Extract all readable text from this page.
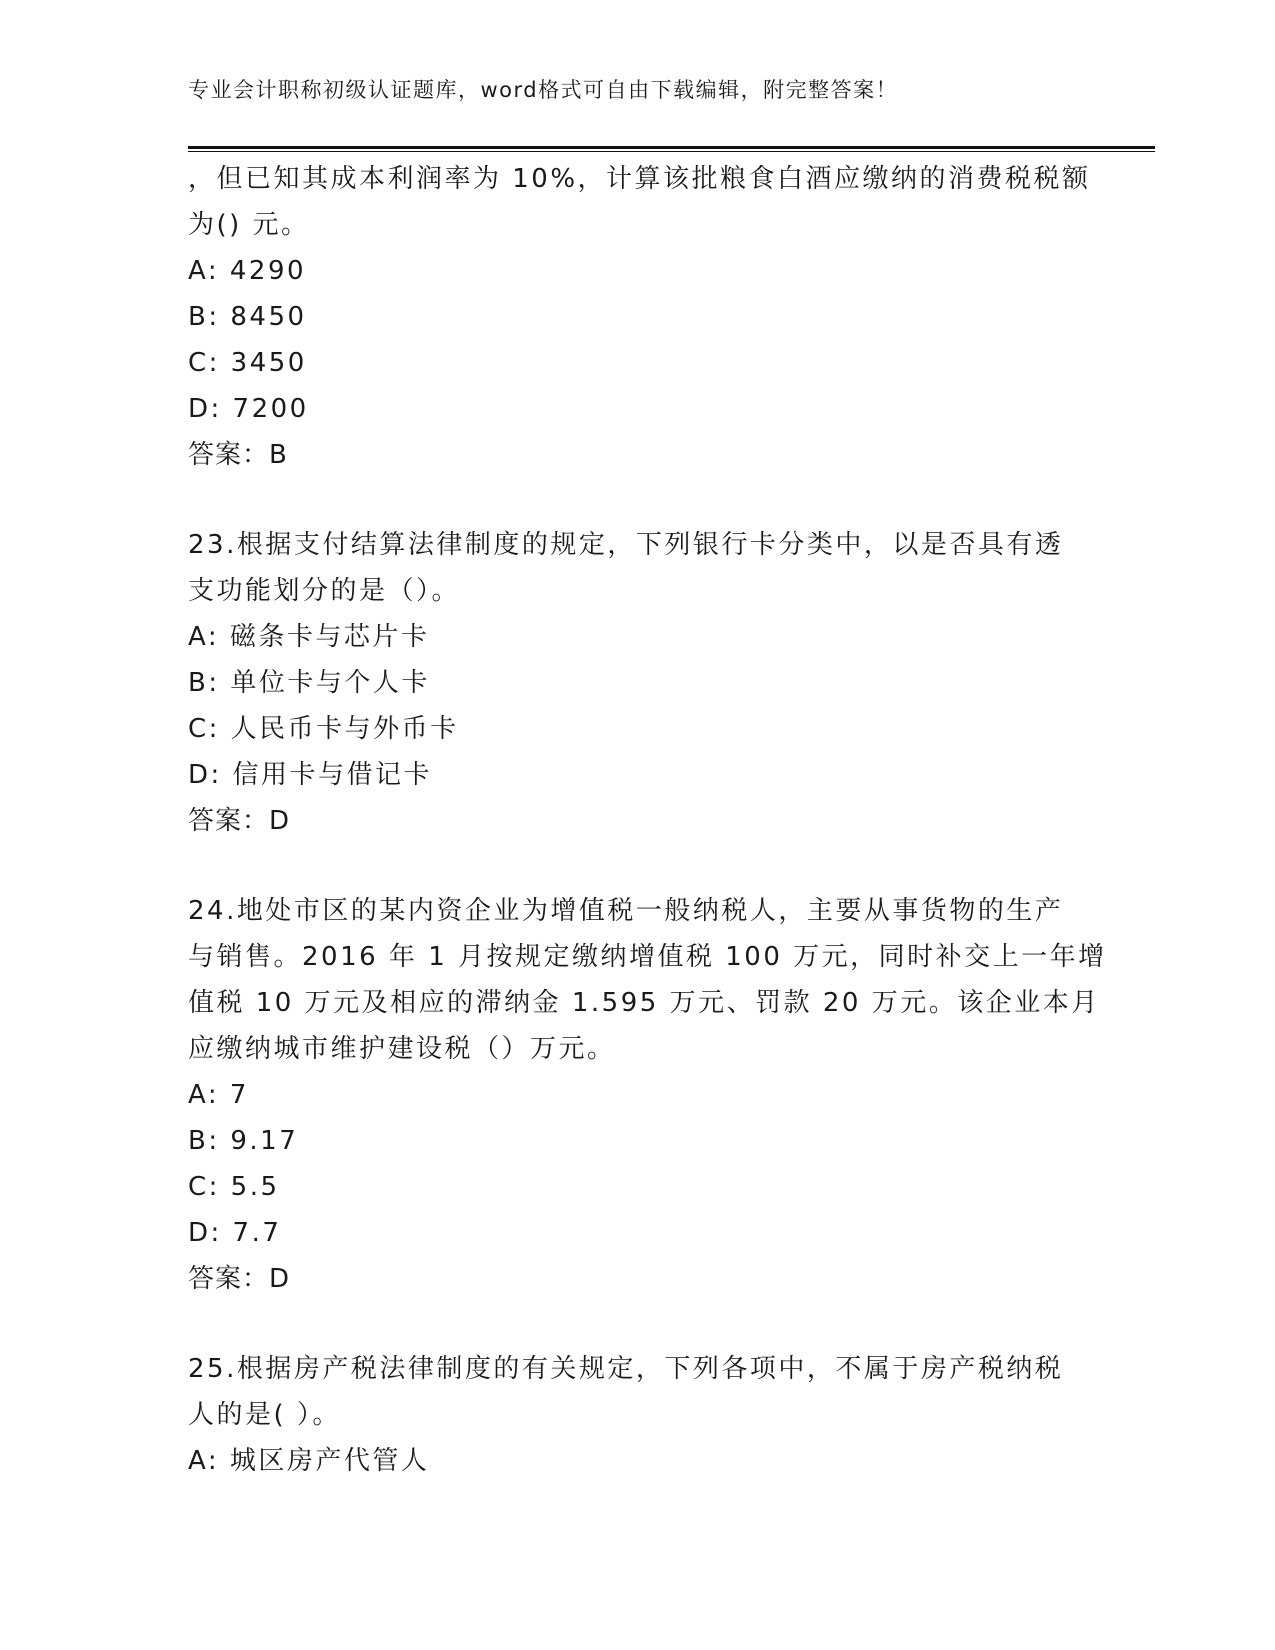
专业会计职称初级认证题库，word格式可自由下载编辑，附完整答案！
，但已知其成本利润率为 10%，计算该批粮食白酒应缴纳的消费税税额
为() 元。
A: 4290
B: 8450
C: 3450
D: 7200
答案：B
23.根据支付结算法律制度的规定，下列银行卡分类中，以是否具有透
支功能划分的是（）。
A: 磁条卡与芯片卡
B: 单位卡与个人卡
C: 人民币卡与外币卡
D: 信用卡与借记卡
答案：D
24.地处市区的某内资企业为增值税一般纳税人，主要从事货物的生产
与销售。2016 年 1 月按规定缴纳增值税 100 万元，同时补交上一年增
值税 10 万元及相应的滞纳金 1.595 万元、罚款 20 万元。该企业本月
应缴纳城市维护建设税（）万元。
A: 7
B: 9.17
C: 5.5
D: 7.7
答案：D
25.根据房产税法律制度的有关规定，下列各项中，不属于房产税纳税
人的是( ）。
A: 城区房产代管人
